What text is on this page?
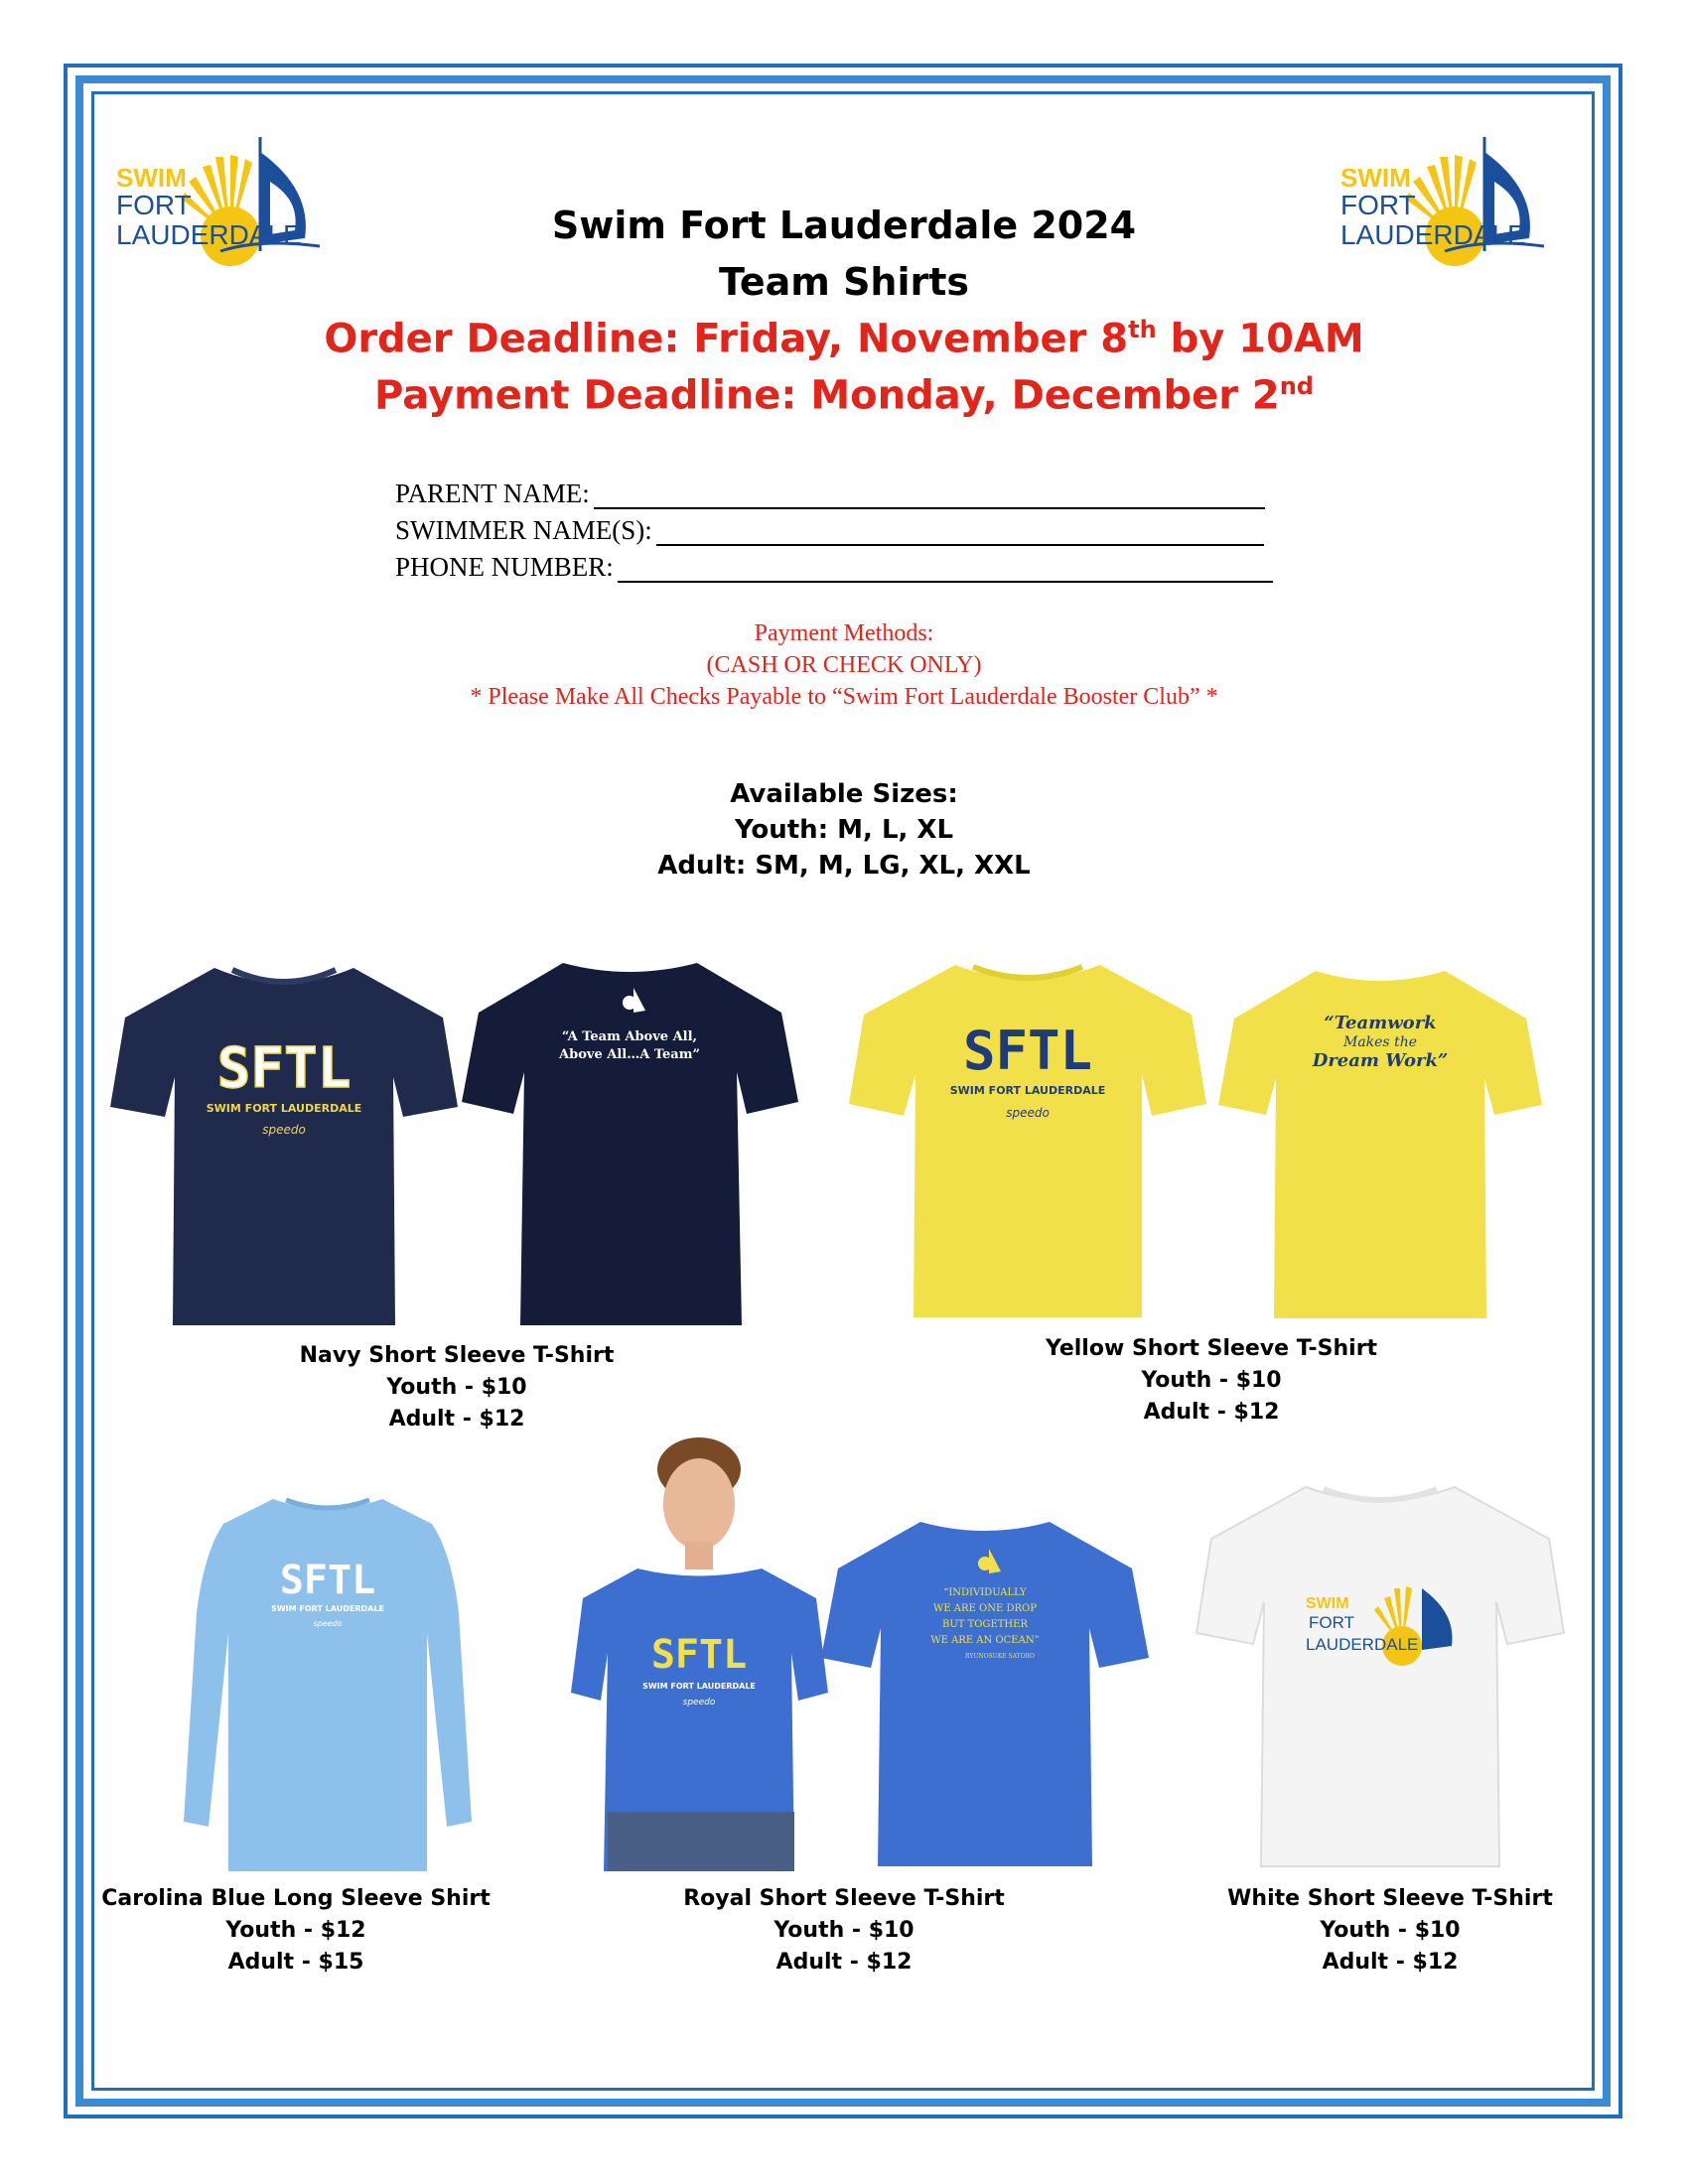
SWIM
FORT
LAUDERDALE
SWIM
FORT
LAUDERDALE
Swim Fort Lauderdale 2024
Team Shirts
Order Deadline: Friday, November 8th by 10AM
Payment Deadline: Monday, December 2nd
PARENT NAME:
SWIMMER NAME(S):
PHONE NUMBER:
Payment Methods:
(CASH OR CHECK ONLY)
* Please Make All Checks Payable to “Swim Fort Lauderdale Booster Club” *
Available Sizes:
Youth: M, L, XL
Adult: SM, M, LG, XL, XXL
SFTL
SWIM FORT LAUDERDALE
speedo
“A Team Above All,
Above All…A Team”
Navy Short Sleeve T-Shirt
Youth - $10
Adult - $12
SFTL
SWIM FORT LAUDERDALE
speedo
“Teamwork
Makes the
Dream Work”
Yellow Short Sleeve T-Shirt
Youth - $10
Adult - $12
SFTL
SWIM FORT LAUDERDALE
speedo
Carolina Blue Long Sleeve Shirt
Youth - $12
Adult - $15
SFTL
SWIM FORT LAUDERDALE
speedo
“INDIVIDUALLY
WE ARE ONE DROP
BUT TOGETHER
WE ARE AN OCEAN”
RYUNOSUKE SATORO
Royal Short Sleeve T-Shirt
Youth - $10
Adult - $12
SWIM
FORT
LAUDERDALE
White Short Sleeve T-Shirt
Youth - $10
Adult - $12
